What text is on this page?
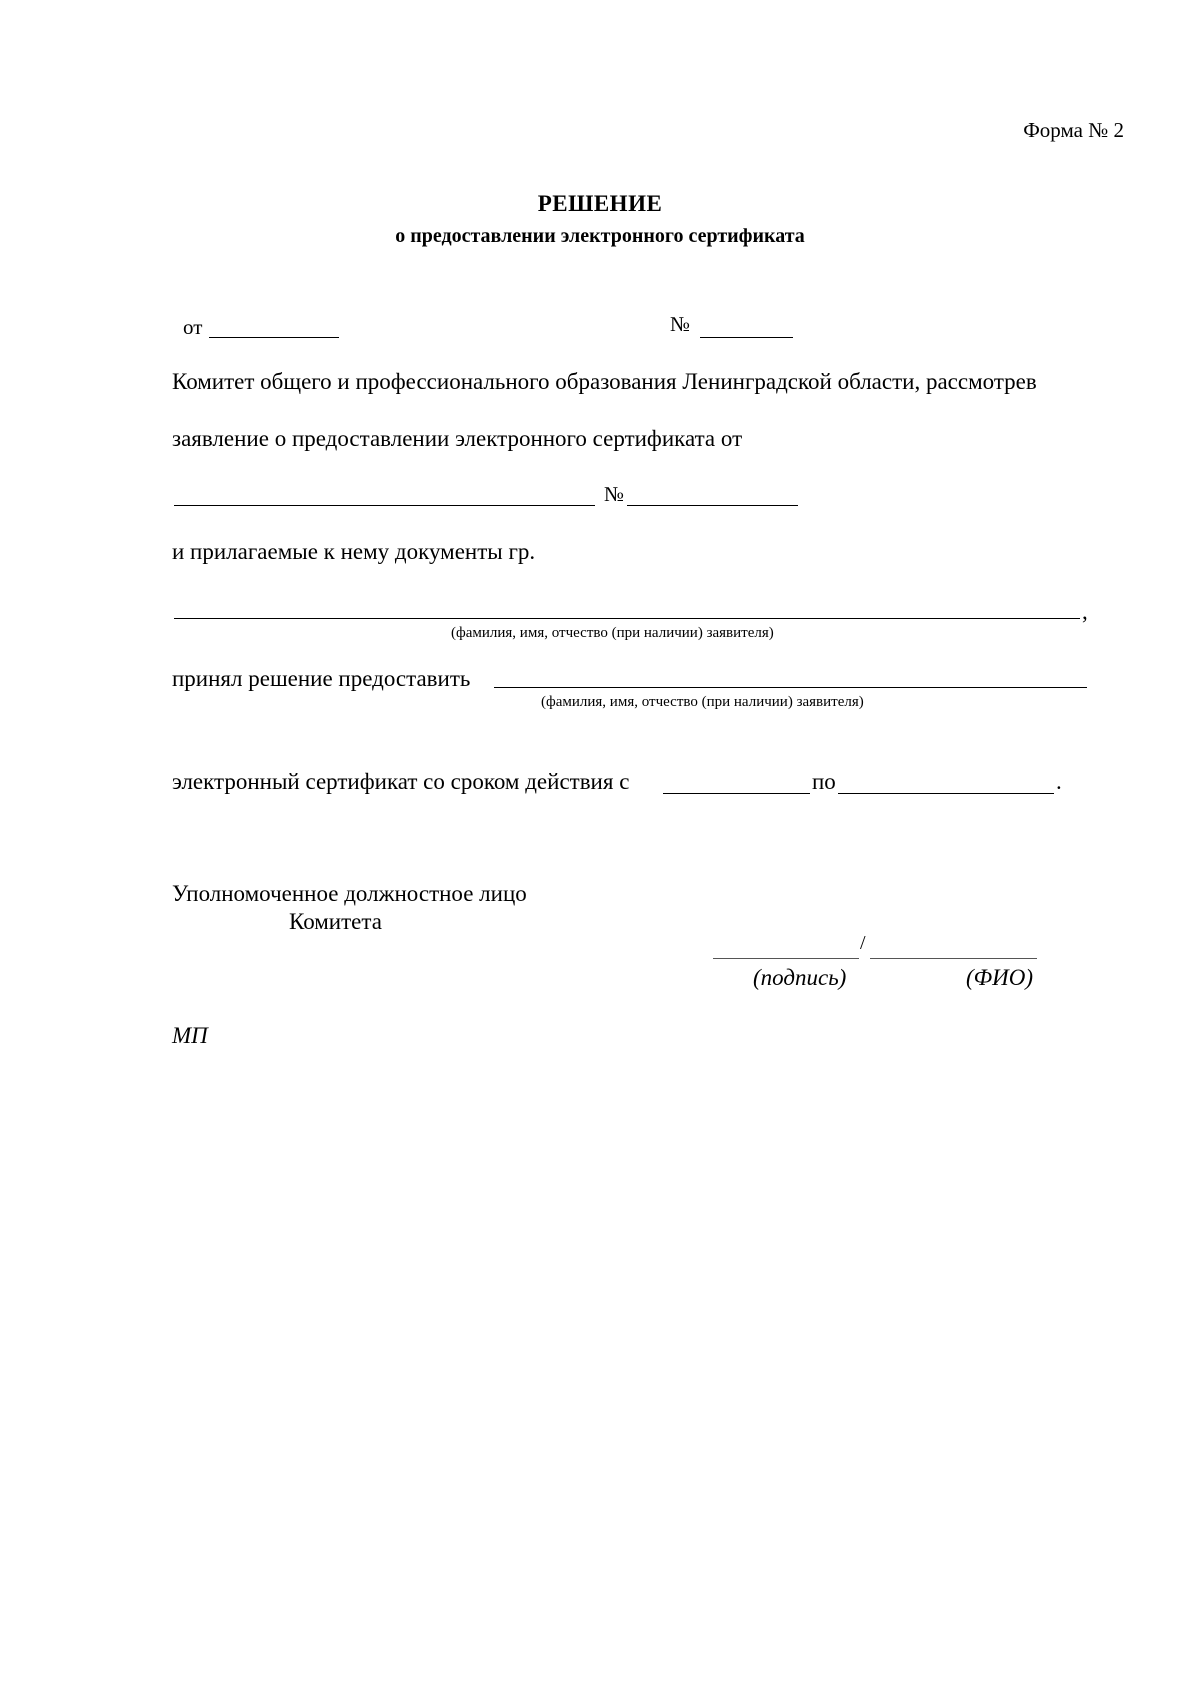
Форма № 2
РЕШЕНИЕ
о предоставлении электронного сертификата
от	№
Комитет общего и профессионального образования Ленинградской области, рассмотрев
заявление о предоставлении электронного сертификата от
№
и прилагаемые к нему документы гр.
,
(фамилия, имя, отчество (при наличии) заявителя)
принял решение предоставить
(фамилия, имя, отчество (при наличии) заявителя)
электронный сертификат со сроком действия с	по	.
Уполномоченное должностное лицо
Комитета
/
(подпись)	(ФИО)
МП
